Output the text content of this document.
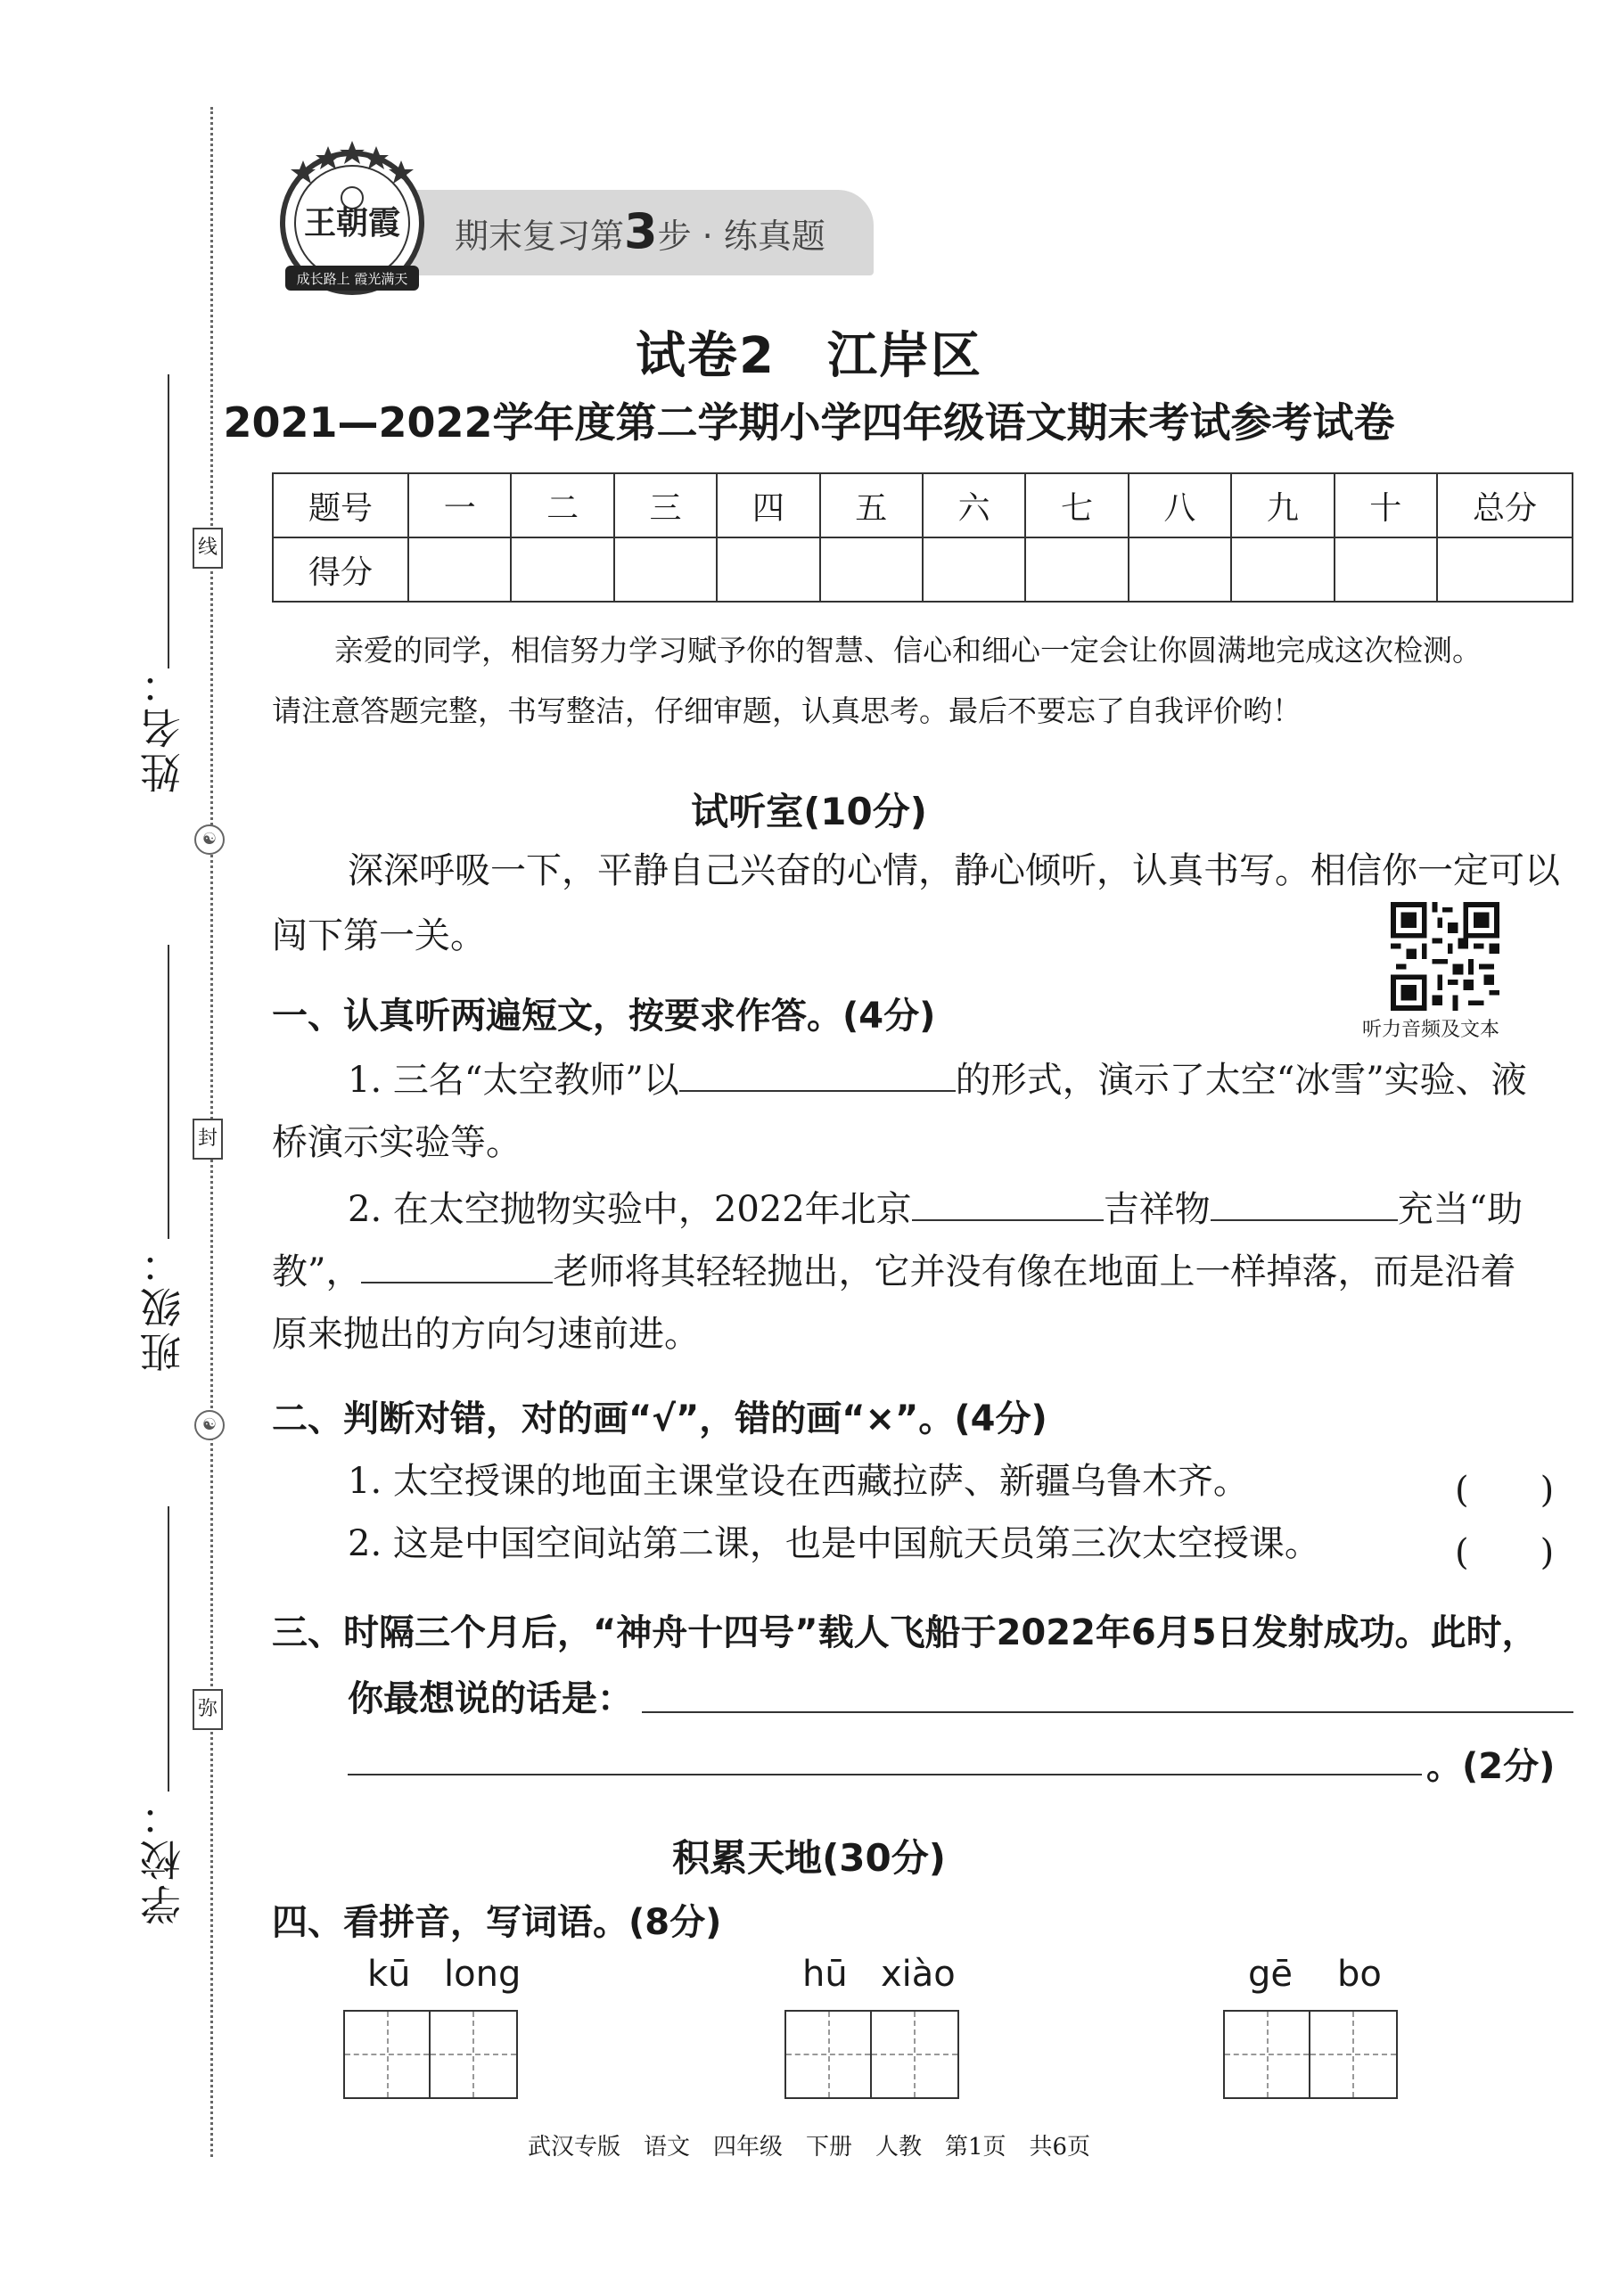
姓名：
班级：
学校：
线
☯
封
☯
弥
期末复习第3步 · 练真题
王朝霞
成长路上 霞光满天
试卷2　江岸区
2021—2022学年度第二学期小学四年级语文期末考试参考试卷
题号	一	二	三	四	五	六	七	八	九	十	总分
得分											
亲爱的同学，相信努力学习赋予你的智慧、信心和细心一定会让你圆满地完成这次检测。
请注意答题完整，书写整洁，仔细审题，认真思考。最后不要忘了自我评价哟！
试听室(10分)
深深呼吸一下，平静自己兴奋的心情，静心倾听，认真书写。相信你一定可以
闯下第一关。
听力音频及文本
一、认真听两遍短文，按要求作答。(4分)
1. 三名“太空教师”以	的形式，演示了太空“冰雪”实验、液
桥演示实验等。
2. 在太空抛物实验中，2022年北京	吉祥物	充当“助
教”，	老师将其轻轻抛出，它并没有像在地面上一样掉落，而是沿着
原来抛出的方向匀速前进。
二、判断对错，对的画“√”，错的画“×”。(4分)
1. 太空授课的地面主课堂设在西藏拉萨、新疆乌鲁木齐。	(　　)
2. 这是中国空间站第二课，也是中国航天员第三次太空授课。	(　　)
三、时隔三个月后，“神舟十四号”载人飞船于2022年6月5日发射成功。此时，
你最想说的话是：
。(2分)
积累天地(30分)
四、看拼音，写词语。(8分)
kū long	hū xiào	gē bo
武汉专版　语文　四年级　下册　人教　第1页　共6页
